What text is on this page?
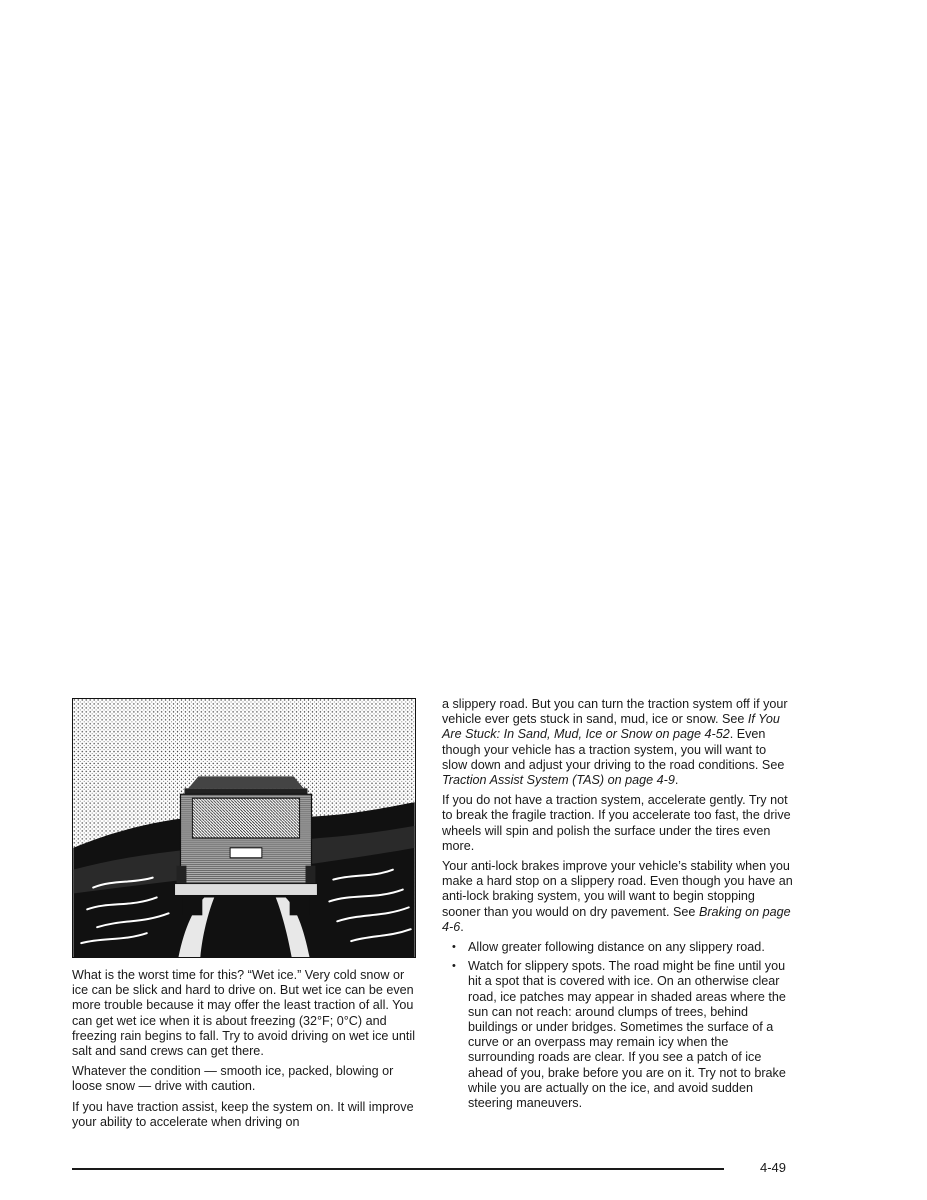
What is the worst time for this? “Wet ice.” Very cold snow or ice can be slick and hard to drive on. But wet ice can be even more trouble because it may offer the least traction of all. You can get wet ice when it is about freezing (32°F; 0°C) and freezing rain begins to fall. Try to avoid driving on wet ice until salt and sand crews can get there.

Whatever the condition — smooth ice, packed, blowing or loose snow — drive with caution.

If you have traction assist, keep the system on. It will improve your ability to accelerate when driving on

a slippery road. But you can turn the traction system off if your vehicle ever gets stuck in sand, mud, ice or snow. See If You Are Stuck: In Sand, Mud, Ice or Snow on page 4-52. Even though your vehicle has a traction system, you will want to slow down and adjust your driving to the road conditions. See Traction Assist System (TAS) on page 4-9.

If you do not have a traction system, accelerate gently. Try not to break the fragile traction. If you accelerate too fast, the drive wheels will spin and polish the surface under the tires even more.

Your anti-lock brakes improve your vehicle’s stability when you make a hard stop on a slippery road. Even though you have an anti-lock braking system, you will want to begin stopping sooner than you would on dry pavement. See Braking on page 4-6.

• Allow greater following distance on any slippery road.
• Watch for slippery spots. The road might be fine until you hit a spot that is covered with ice. On an otherwise clear road, ice patches may appear in shaded areas where the sun can not reach: around clumps of trees, behind buildings or under bridges. Sometimes the surface of a curve or an overpass may remain icy when the surrounding roads are clear. If you see a patch of ice ahead of you, brake before you are on it. Try not to brake while you are actually on the ice, and avoid sudden steering maneuvers.
4-49
